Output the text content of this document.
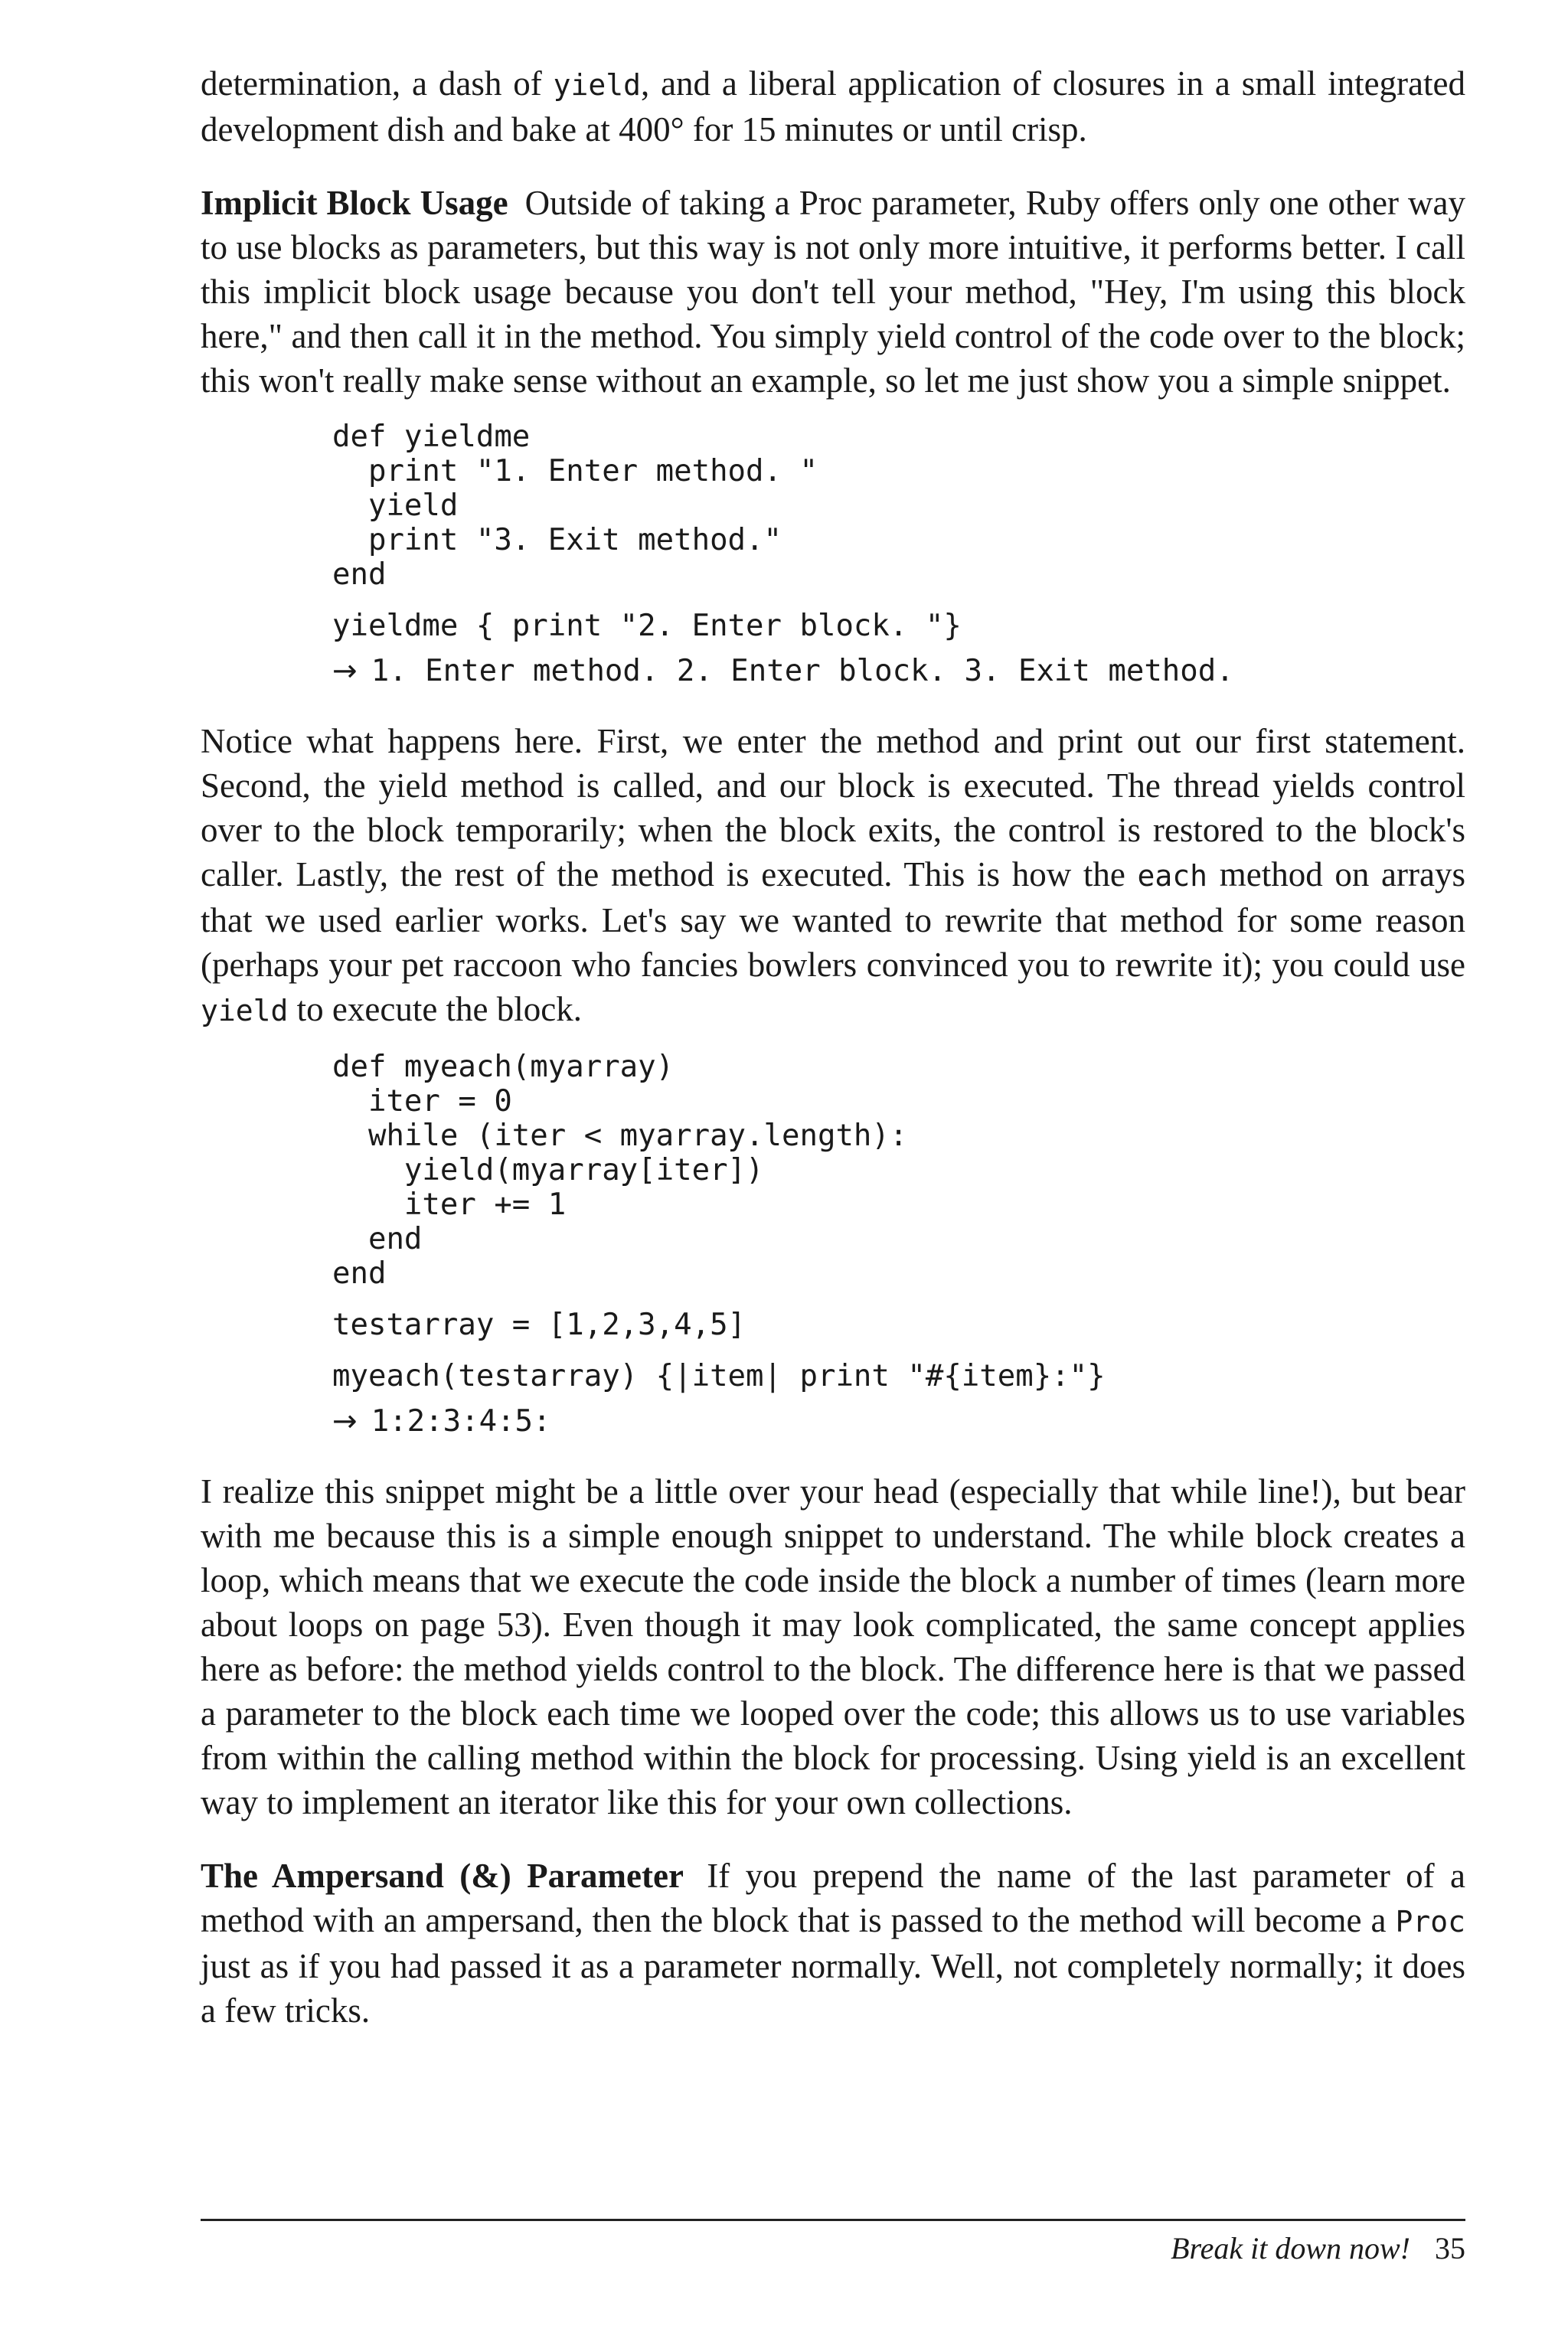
determination, a dash of yield, and a liberal application of closures in a small integrated development dish and bake at 400° for 15 minutes or until crisp.

Implicit Block Usage Outside of taking a Proc parameter, Ruby offers only one other way to use blocks as parameters, but this way is not only more intuitive, it performs better. I call this implicit block usage because you don't tell your method, "Hey, I'm using this block here," and then call it in the method. You simply yield control of the code over to the block; this won't really make sense without an example, so let me just show you a simple snippet.

def yieldme
print "1. Enter method. "
yield
print "3. Exit method."
end
yieldme { print "2. Enter block. "}
→ 1. Enter method. 2. Enter block. 3. Exit method.

Notice what happens here. First, we enter the method and print out our first statement. Second, the yield method is called, and our block is executed. The thread yields control over to the block temporarily; when the block exits, the control is restored to the block's caller. Lastly, the rest of the method is executed. This is how the each method on arrays that we used earlier works. Let's say we wanted to rewrite that method for some reason (perhaps your pet raccoon who fancies bowlers convinced you to rewrite it); you could use yield to execute the block.

def myeach(myarray)
iter = 0
while (iter < myarray.length):
yield(myarray[iter])
iter += 1
end
end
testarray = [1,2,3,4,5]
myeach(testarray) {|item| print "#{item}:"}
→ 1:2:3:4:5:

I realize this snippet might be a little over your head (especially that while line!), but bear with me because this is a simple enough snippet to understand. The while block creates a loop, which means that we execute the code inside the block a number of times (learn more about loops on page 53). Even though it may look complicated, the same concept applies here as before: the method yields control to the block. The difference here is that we passed a parameter to the block each time we looped over the code; this allows us to use variables from within the calling method within the block for processing. Using yield is an excellent way to implement an iterator like this for your own collections.

The Ampersand (&) Parameter If you prepend the name of the last parameter of a method with an ampersand, then the block that is passed to the method will become a Proc just as if you had passed it as a parameter normally. Well, not completely normally; it does a few tricks.

Break it down now! 35
